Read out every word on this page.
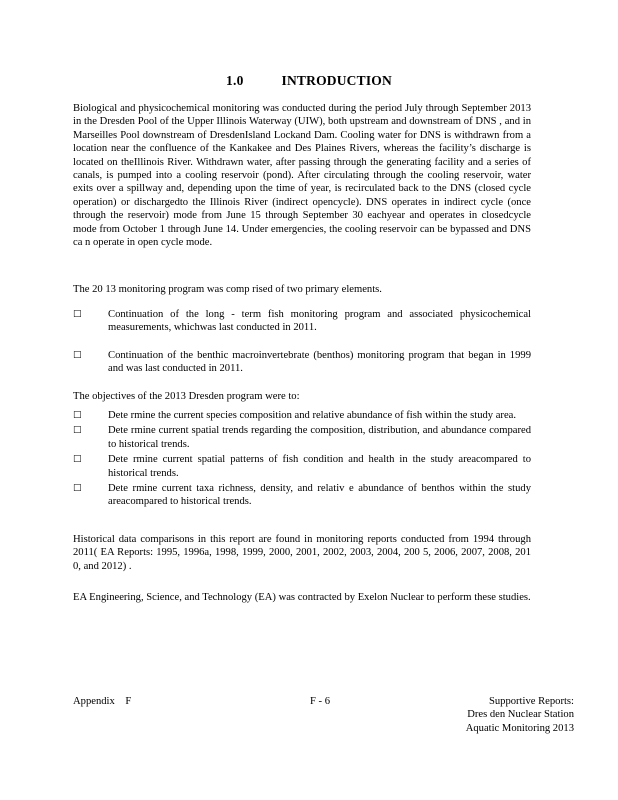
1.0	INTRODUCTION
Biological and physicochemical monitoring was conducted during the period July through September 2013 in the Dresden Pool of the Upper Illinois Waterway (UIW), both upstream and downstream of DNS , and in Marseilles Pool downstream of DresdenIsland Lockand Dam. Cooling water for DNS is withdrawn from a location near the confluence of the Kankakee and Des Plaines Rivers, whereas the facility’s discharge is located on theIllinois River. Withdrawn water, after passing through the generating facility and a series of canals, is pumped into a cooling reservoir (pond). After circulating through the cooling reservoir, water exits over a spillway and, depending upon the time of year, is recirculated back to the DNS (closed cycle operation) or dischargedto the Illinois River (indirect opencycle). DNS operates in indirect cycle (once through the reservoir) mode from June 15 through September 30 eachyear and operates in closedcycle mode from October 1 through June 14. Under emergencies, the cooling reservoir can be bypassed and DNS ca n operate in open cycle mode.
The 20 13 monitoring program was comp rised of two primary elements.
□ Continuation of the long - term fish monitoring program and associated physicochemical measurements, whichwas last conducted in 2011.
□ Continuation of the benthic macroinvertebrate (benthos) monitoring program that began in 1999 and was last conducted in 2011.
The objectives of the 2013 Dresden program were to:
□ Dete rmine the current species composition and relative abundance of fish within the study area.
□ Dete rmine current spatial trends regarding the composition, distribution, and abundance compared to historical trends.
□ Dete rmine current spatial patterns of fish condition and health in the study areacompared to historical trends.
□ Dete rmine current taxa richness, density, and relativ e abundance of benthos within the study areacompared to historical trends.
Historical data comparisons in this report are found in monitoring reports conducted from 1994 through 2011( EA Reports: 1995, 1996a, 1998, 1999, 2000, 2001, 2002, 2003, 2004, 200 5, 2006, 2007, 2008, 201 0, and 2012) .
EA Engineering, Science, and Technology (EA) was contracted by Exelon Nuclear to perform these studies.
Appendix F	F - 6	Supportive Reports:
Dres den Nuclear Station
Aquatic Monitoring 2013
